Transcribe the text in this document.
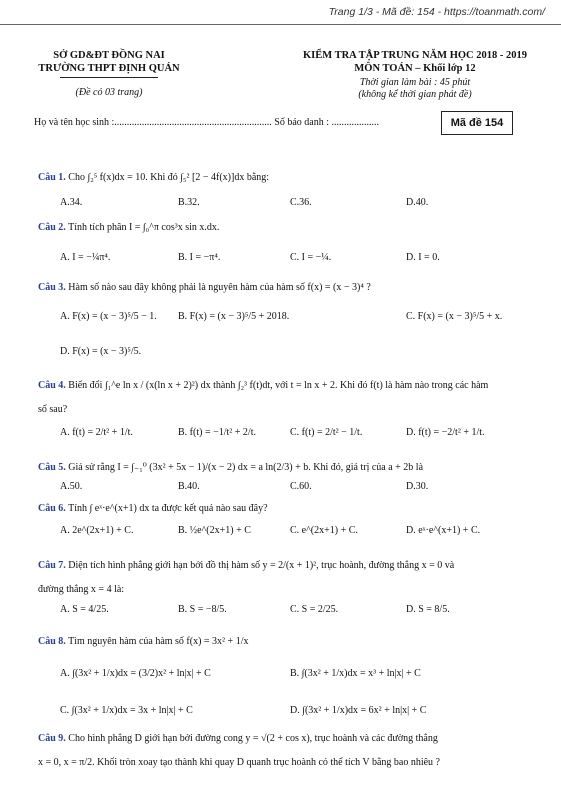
Trang 1/3 - Mã đề: 154 - https://toanmath.com/
SỞ GD&ĐT ĐỒNG NAI
TRƯỜNG THPT ĐỊNH QUÁN
(Đề có 03 trang)
KIỂM TRA TẬP TRUNG NĂM HỌC 2018 - 2019
MÔN TOÁN – Khối lớp 12
Thời gian làm bài : 45 phút
(không kể thời gian phát đề)
Họ và tên học sinh :............................................................... Số báo danh : ...................	Mã đề 154
Câu 1. Cho ∫₂⁵ f(x)dx = 10. Khi đó ∫₅² [2 − 4f(x)]dx bằng:
A.34.	B.32.	C.36.	D.40.
Câu 2. Tính tích phân I = ∫₀^π cos³x sin x.dx.
A. I = −¼π⁴.	B. I = −π⁴.	C. I = −¼.	D. I = 0.
Câu 3. Hàm số nào sau đây không phải là nguyên hàm của hàm số f(x) = (x − 3)⁴ ?
A. F(x) = (x − 3)⁵/5 − 1. B. F(x) = (x − 3)⁵/5 + 2018.	C. F(x) = (x − 3)⁵/5 + x.
D. F(x) = (x − 3)⁵/5.
Câu 4. Biến đổi ∫₁^e ln x / (x(ln x + 2)²) dx thành ∫₂³ f(t)dt, với t = ln x + 2. Khi đó f(t) là hàm nào trong các hàm
số sau?
A. f(t) = 2/t² + 1/t.	B. f(t) = −1/t² + 2/t.	C. f(t) = 2/t² − 1/t.	D. f(t) = −2/t² + 1/t.
Câu 5. Giả sử rằng I = ∫₋₁⁰ (3x² + 5x − 1)/(x − 2) dx = a ln(2/3) + b. Khi đó, giá trị của a + 2b là
A.50.	B.40.	C.60.	D.30.
Câu 6. Tính ∫ eˣ·e^(x+1) dx ta được kết quả nào sau đây?
A. 2e^(2x+1) + C.	B. ½e^(2x+1) + C	C. e^(2x+1) + C.	D. eˣ·e^(x+1) + C.
Câu 7. Diện tích hình phẳng giới hạn bởi đồ thị hàm số y = 2/(x + 1)², trục hoành, đường thẳng x = 0 và
đường thẳng x = 4 là:
A. S = 4/25.	B. S = −8/5.	C. S = 2/25.	D. S = 8/5.
Câu 8. Tìm nguyên hàm của hàm số f(x) = 3x² + 1/x
A. ∫(3x² + 1/x)dx = (3/2)x² + ln|x| + C	B. ∫(3x² + 1/x)dx = x³ + ln|x| + C
C. ∫(3x² + 1/x)dx = 3x + ln|x| + C	D. ∫(3x² + 1/x)dx = 6x² + ln|x| + C
Câu 9. Cho hình phẳng D giới hạn bởi đường cong y = √(2 + cos x), trục hoành và các đường thẳng
x = 0, x = π/2. Khối tròn xoay tạo thành khi quay D quanh trục hoành có thể tích V bằng bao nhiêu ?
